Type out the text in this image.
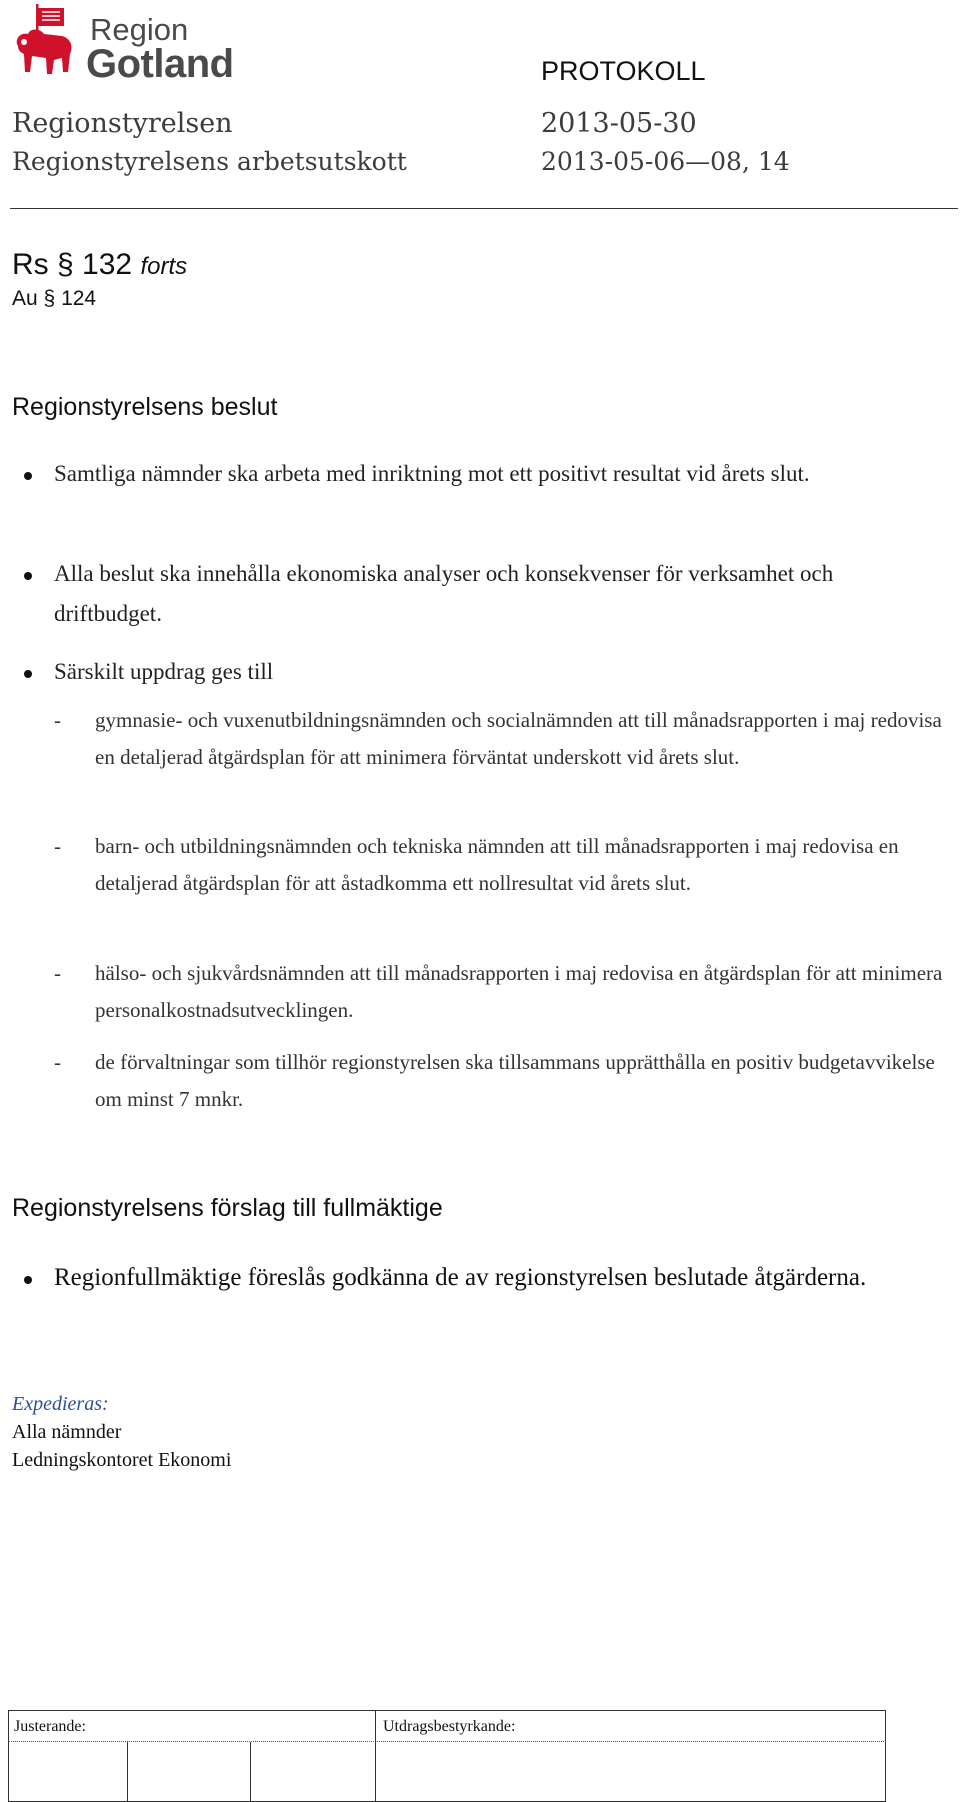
Region
Gotland	PROTOKOLL
Regionstyrelsen
Regionstyrelsens arbetsutskott
2013-05-30
2013-05-06—08, 14
Rs § 132 forts
Au § 124
Regionstyrelsens beslut
Samtliga nämnder ska arbeta med inriktning mot ett positivt resultat vid årets slut.
Alla beslut ska innehålla ekonomiska analyser och konsekvenser för verksamhet och driftbudget.
Särskilt uppdrag ges till
- gymnasie- och vuxenutbildningsnämnden och socialnämnden att till månadsrapporten i maj redovisa en detaljerad åtgärdsplan för att minimera förväntat underskott vid årets slut.
- barn- och utbildningsnämnden och tekniska nämnden att till månadsrapporten i maj redovisa en detaljerad åtgärdsplan för att åstadkomma ett nollresultat vid årets slut.
- hälso- och sjukvårdsnämnden att till månadsrapporten i maj redovisa en åtgärdsplan för att minimera personalkostnadsutvecklingen.
- de förvaltningar som tillhör regionstyrelsen ska tillsammans upprätthålla en positiv budgetavvikelse om minst 7 mnkr.
Regionstyrelsens förslag till fullmäktige
Regionfullmäktige föreslås godkänna de av regionstyrelsen beslutade åtgärderna.
Expedieras:
Alla nämnder
Ledningskontoret Ekonomi
Justerande:	Utdragsbestyrkande:
